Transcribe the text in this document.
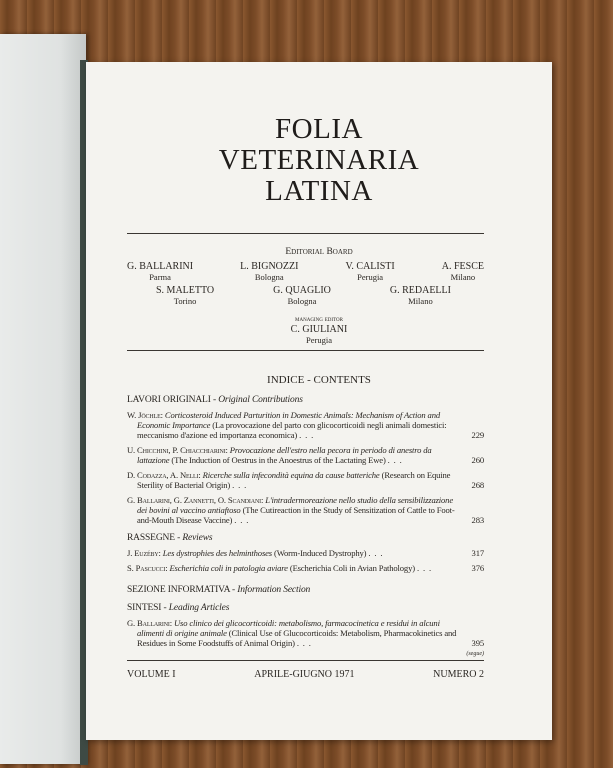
FOLIA
VETERINARIA
LATINA
Editorial Board
G. BALLARINI
Parma
L. BIGNOZZI
Bologna
V. CALISTI
Perugia
A. FESCE
Milano
S. MALETTO
Torino
G. QUAGLIO
Bologna
G. REDAELLI
Milano
managing editor
C. GIULIANI
Perugia
INDICE - CONTENTS
LAVORI ORIGINALI - Original Contributions
W. Jöchle: Corticosteroid Induced Parturition in Domestic Animals: Mechanism of Action and Economic Importance (La provocazione del parto con glicocorticoidi negli animali domestici: meccanismo d'azione ed importanza economica) .  .  .	229
U. Chicchini, P. Chiacchiarini: Provocazione dell'estro nella pecora in periodo di anestro da lattazione (The Induction of Oestrus in the Anoestrus of the Lactating Ewe) .  .  .	260
D. Codazza, A. Nelli: Ricerche sulla infecondità equina da cause batteriche (Research on Equine Sterility of Bacterial Origin) .  .  .	268
G. Ballarini, G. Zannetti, O. Scandiani: L'intradermoreazione nello studio della sensibilizzazione dei bovini al vaccino antiaftoso (The Cutireaction in the Study of Sensitization of Cattle to Foot-and-Mouth Disease Vaccine) .  .  .	283
RASSEGNE - Reviews
J. Euzéby: Les dystrophies des helminthoses (Worm-Induced Dystrophy) .  .  .	317
S. Pascucci: Escherichia coli in patologia aviare (Escherichia Coli in Avian Pathology) .  .  .	376
SEZIONE INFORMATIVA - Information Section
SINTESI - Leading Articles
G. Ballarini: Uso clinico dei glicocorticoidi: metabolismo, farmacocinetica e residui in alcuni alimenti di origine animale (Clinical Use of Glucocorticoids: Metabolism, Pharmacokinetics and Residues in Some Foodstuffs of Animal Origin) .  .  .	395
(segue)
VOLUME I	APRILE-GIUGNO 1971	NUMERO 2
